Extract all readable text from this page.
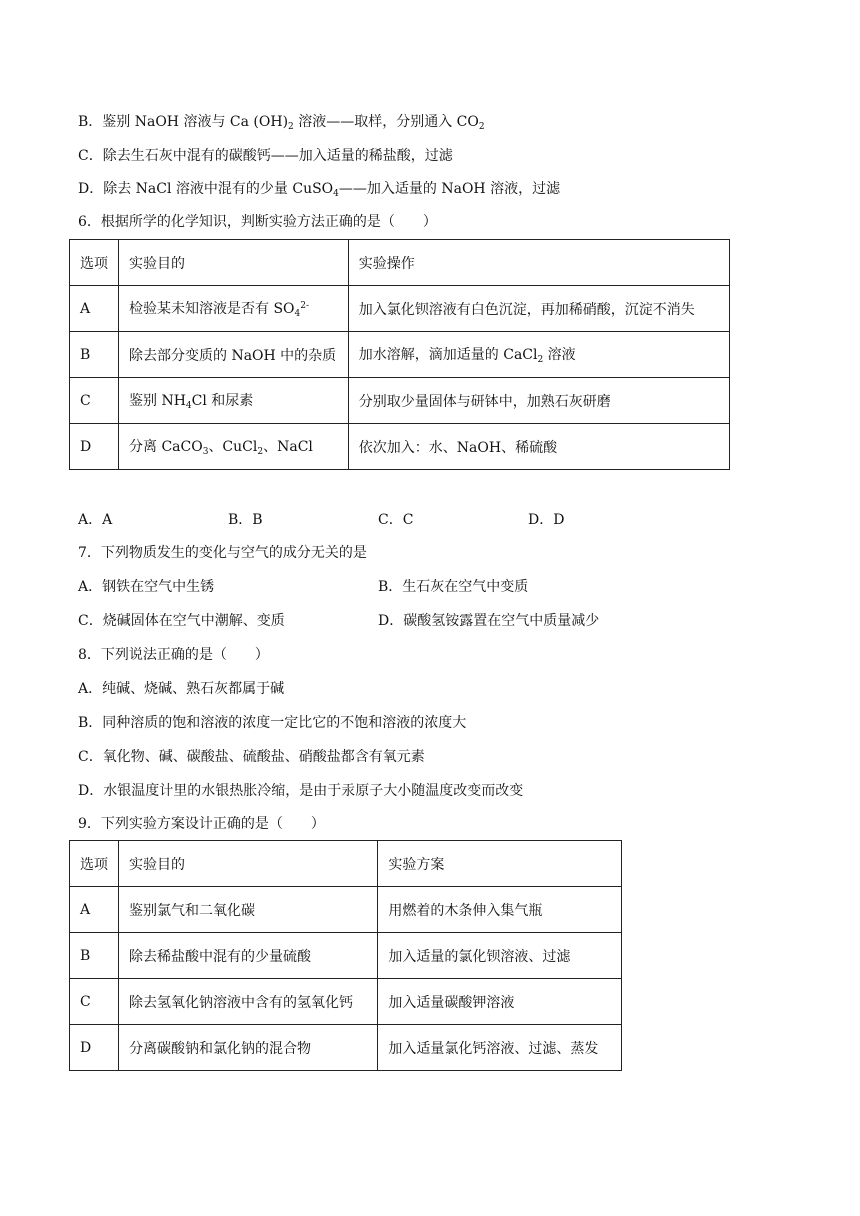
B．鉴别 NaOH 溶液与 Ca $(OH)_2$ 溶液——取样，分别通入 $CO_2$
C．除去生石灰中混有的碳酸钙——加入适量的稀盐酸，过滤
D．除去 NaCl 溶液中混有的少量 CuSO$_4$——加入适量的 NaOH 溶液，过滤
6．根据所学的化学知识，判断实验方法正确的是（　　）
选项	实验目的	实验操作
A	检验某未知溶液是否有 $SO_4^{2-}$	加入氯化钡溶液有白色沉淀，再加稀硝酸，沉淀不消失
B	除去部分变质的 NaOH 中的杂质	加水溶解，滴加适量的 CaCl$_2$ 溶液
C	鉴别 $NH_4Cl$ 和尿素	分别取少量固体与研钵中，加熟石灰研磨
D	分离 CaCO$_3$、CuCl$_2$、NaCl	依次加入：水、NaOH、稀硫酸
A．A	B．B	C．C	D．D
7．下列物质发生的变化与空气的成分无关的是
A．钢铁在空气中生锈	B．生石灰在空气中变质
C．烧碱固体在空气中潮解、变质	D．碳酸氢铵露置在空气中质量减少
8．下列说法正确的是（　　）
A．纯碱、烧碱、熟石灰都属于碱
B．同种溶质的饱和溶液的浓度一定比它的不饱和溶液的浓度大
C．氧化物、碱、碳酸盐、硫酸盐、硝酸盐都含有氧元素
D．水银温度计里的水银热胀冷缩，是由于汞原子大小随温度改变而改变
9．下列实验方案设计正确的是（　　）
选项	实验目的	实验方案
A	鉴别氯气和二氧化碳	用燃着的木条伸入集气瓶
B	除去稀盐酸中混有的少量硫酸	加入适量的氯化钡溶液、过滤
C	除去氢氧化钠溶液中含有的氢氧化钙	加入适量碳酸钾溶液
D	分离碳酸钠和氯化钠的混合物	加入适量氯化钙溶液、过滤、蒸发
